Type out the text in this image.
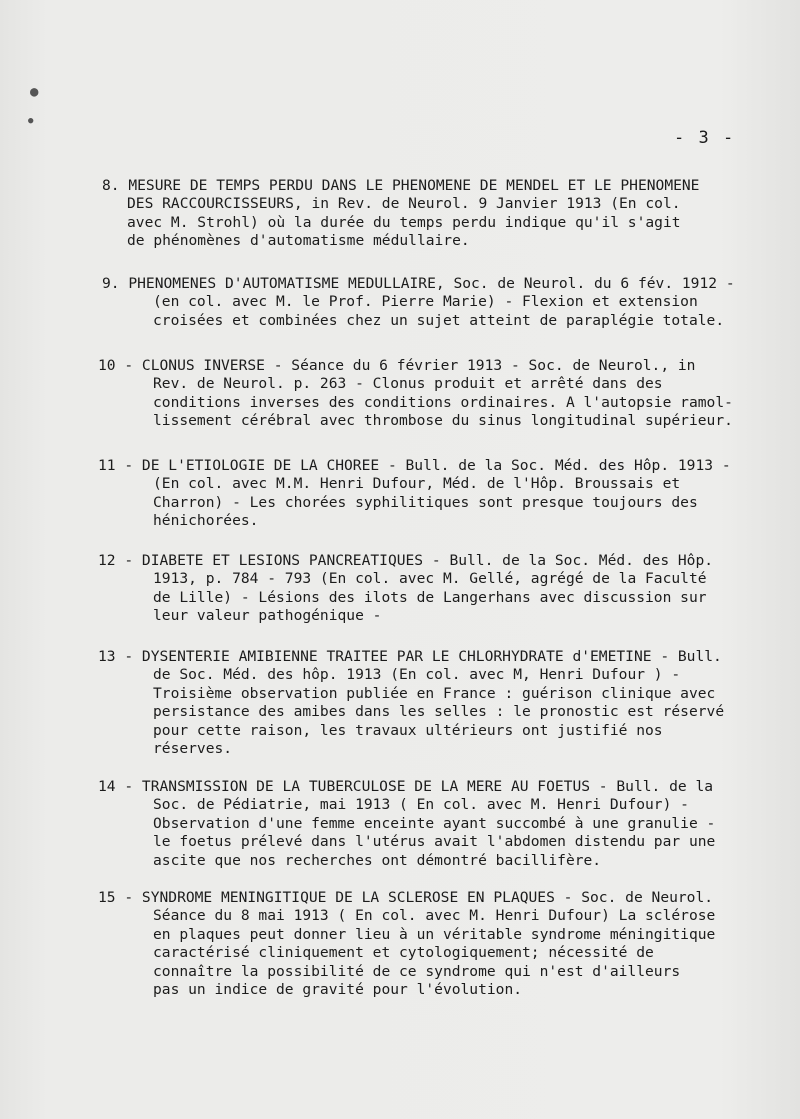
●
●
- 3 -
8. MESURE DE TEMPS PERDU DANS LE PHENOMENE DE MENDEL ET LE PHENOMENE
DES RACCOURCISSEURS, in Rev. de Neurol. 9 Janvier 1913 (En col.
avec M. Strohl) où la durée du temps perdu indique qu'il s'agit
de phénomènes d'automatisme médullaire.
9. PHENOMENES D'AUTOMATISME MEDULLAIRE, Soc. de Neurol. du 6 fév. 1912 -
(en col. avec M. le Prof. Pierre Marie) - Flexion et extension
croisées et combinées chez un sujet atteint de paraplégie totale.
10 - CLONUS INVERSE - Séance du 6 février 1913 - Soc. de Neurol., in
Rev. de Neurol. p. 263 - Clonus produit et arrêté dans des
conditions inverses des conditions ordinaires. A l'autopsie ramol-
lissement cérébral avec thrombose du sinus longitudinal supérieur.
11 - DE L'ETIOLOGIE DE LA CHOREE - Bull. de la Soc. Méd. des Hôp. 1913 -
(En col. avec M.M. Henri Dufour, Méd. de l'Hôp. Broussais et
Charron) - Les chorées syphilitiques sont presque toujours des
hénichorées.
12 - DIABETE ET LESIONS PANCREATIQUES - Bull. de la Soc. Méd. des Hôp.
1913, p. 784 - 793 (En col. avec M. Gellé, agrégé de la Faculté
de Lille) - Lésions des ilots de Langerhans avec discussion sur
leur valeur pathogénique -
13 - DYSENTERIE AMIBIENNE TRAITEE PAR LE CHLORHYDRATE d'EMETINE - Bull.
de Soc. Méd. des hôp. 1913 (En col. avec M, Henri Dufour ) -
Troisième observation publiée en France : guérison clinique avec
persistance des amibes dans les selles : le pronostic est réservé
pour cette raison, les travaux ultérieurs ont justifié nos
réserves.
14 - TRANSMISSION DE LA TUBERCULOSE DE LA MERE AU FOETUS - Bull. de la
Soc. de Pédiatrie, mai 1913 ( En col. avec M. Henri Dufour) -
Observation d'une femme enceinte ayant succombé à une granulie -
le foetus prélevé dans l'utérus avait l'abdomen distendu par une
ascite que nos recherches ont démontré bacillifère.
15 - SYNDROME MENINGITIQUE DE LA SCLEROSE EN PLAQUES - Soc. de Neurol.
Séance du 8 mai 1913 ( En col. avec M. Henri Dufour) La sclérose
en plaques peut donner lieu à un véritable syndrome méningitique
caractérisé cliniquement et cytologiquement; nécessité de
connaître la possibilité de ce syndrome qui n'est d'ailleurs
pas un indice de gravité pour l'évolution.
